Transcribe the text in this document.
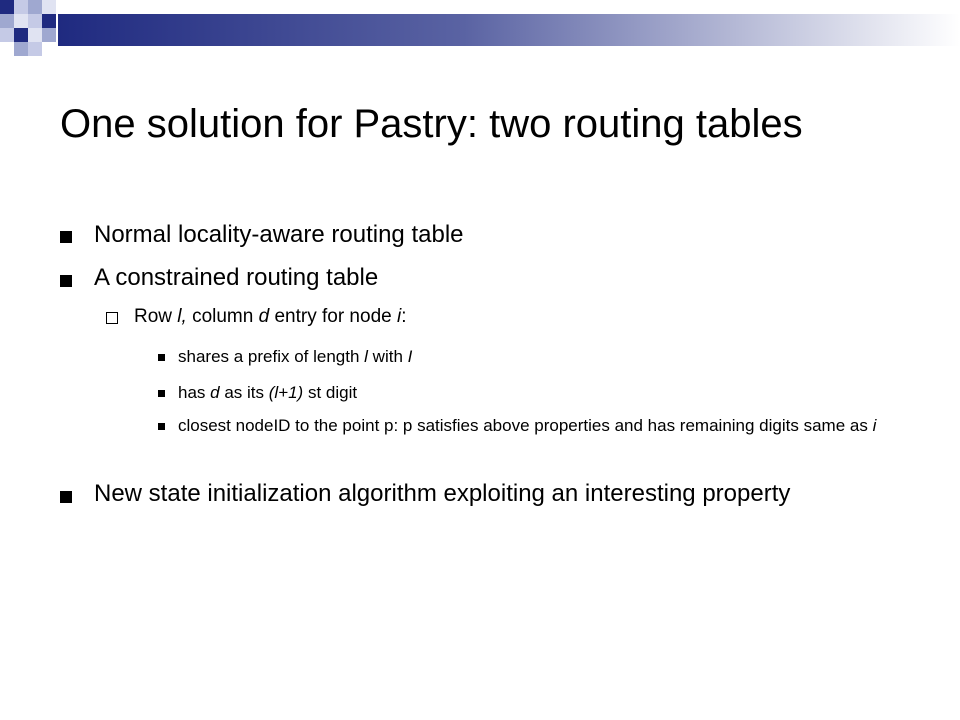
One solution for Pastry: two routing tables
Normal locality-aware routing table
A constrained routing table
Row l, column d entry for node i:
shares a prefix of length l with I
has d as its (l+1) st digit
closest nodeID to the point p: p satisfies above properties and has remaining digits same as i
New state initialization algorithm exploiting an interesting property
